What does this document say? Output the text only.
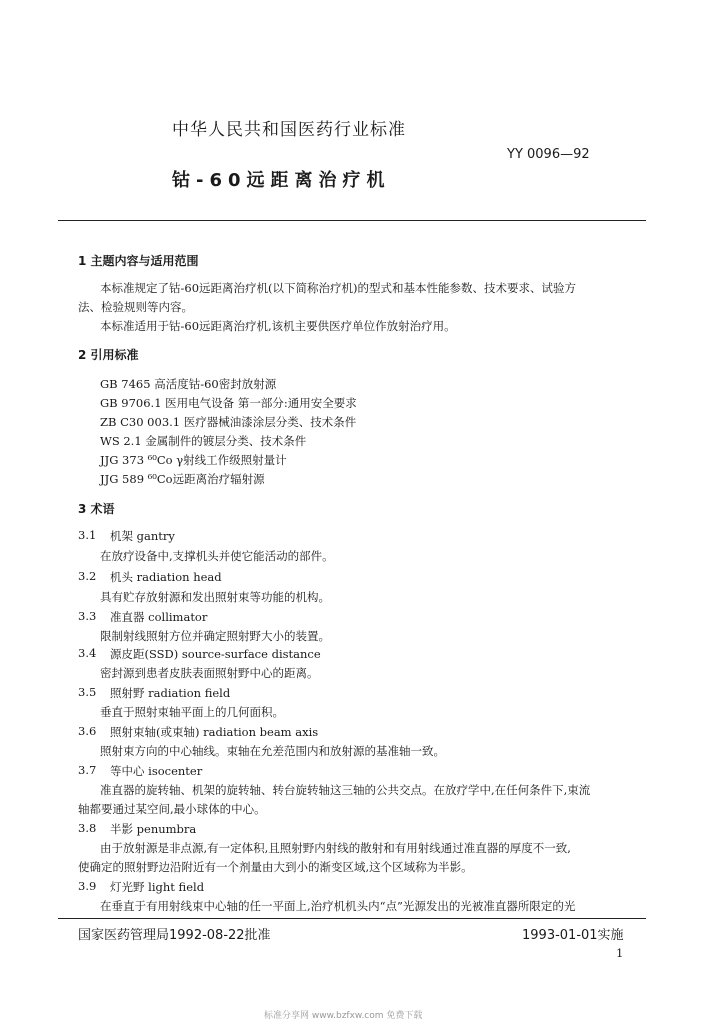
中华人民共和国医药行业标准
YY 0096—92
钴-60远距离治疗机
1 主题内容与适用范围
本标准规定了钴-60远距离治疗机(以下简称治疗机)的型式和基本性能参数、技术要求、试验方
法、检验规则等内容。
本标准适用于钴-60远距离治疗机,该机主要供医疗单位作放射治疗用。
2 引用标准
GB 7465 高活度钴-60密封放射源
GB 9706.1 医用电气设备 第一部分:通用安全要求
ZB C30 003.1 医疗器械油漆涂层分类、技术条件
WS 2.1 金属制件的镀层分类、技术条件
JJG 373 ⁶⁰Co γ射线工作级照射量计
JJG 589 ⁶⁰Co远距离治疗辐射源
3 术语
3.1 机架 gantry
在放疗设备中,支撑机头并使它能活动的部件。
3.2 机头 radiation head
具有贮存放射源和发出照射束等功能的机构。
3.3 准直器 collimator
限制射线照射方位并确定照射野大小的装置。
3.4 源皮距(SSD) source-surface distance
密封源到患者皮肤表面照射野中心的距离。
3.5 照射野 radiation field
垂直于照射束轴平面上的几何面积。
3.6 照射束轴(或束轴) radiation beam axis
照射束方向的中心轴线。束轴在允差范围内和放射源的基准轴一致。
3.7 等中心 isocenter
准直器的旋转轴、机架的旋转轴、转台旋转轴这三轴的公共交点。在放疗学中,在任何条件下,束流
轴都要通过某空间,最小球体的中心。
3.8 半影 penumbra
由于放射源是非点源,有一定体积,且照射野内射线的散射和有用射线通过准直器的厚度不一致,
使确定的照射野边沿附近有一个剂量由大到小的渐变区域,这个区域称为半影。
3.9 灯光野 light field
在垂直于有用射线束中心轴的任一平面上,治疗机机头内“点”光源发出的光被准直器所限定的光
国家医药管理局1992-08-22批准	1993-01-01实施
1
标准分享网 www.bzfxw.com 免费下载
